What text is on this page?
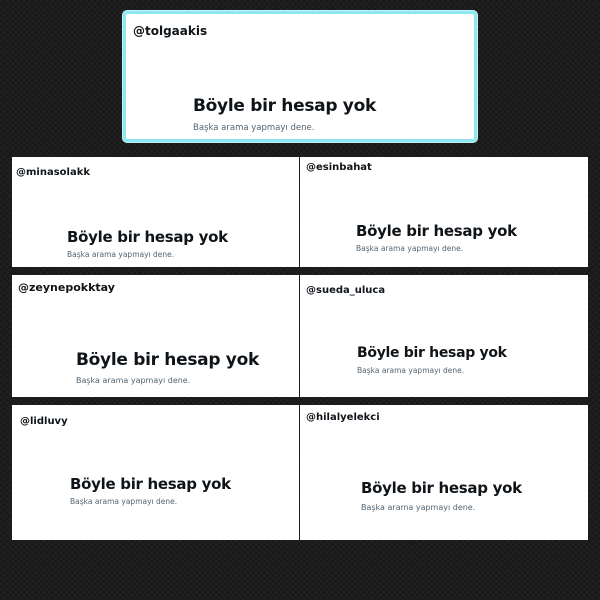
@tolgaakis
Böyle bir hesap yok
Başka arama yapmayı dene.
@minasolakk
Böyle bir hesap yok
Başka arama yapmayı dene.
@esinbahat
Böyle bir hesap yok
Başka arama yapmayı dene.
@zeynepokktay
Böyle bir hesap yok
Başka arama yapmayı dene.
@sueda_uluca
Böyle bir hesap yok
Başka arama yapmayı dene.
@lidluvy
Böyle bir hesap yok
Başka arama yapmayı dene.
@hilalyelekci
Böyle bir hesap yok
Başka arama yapmayı dene.
